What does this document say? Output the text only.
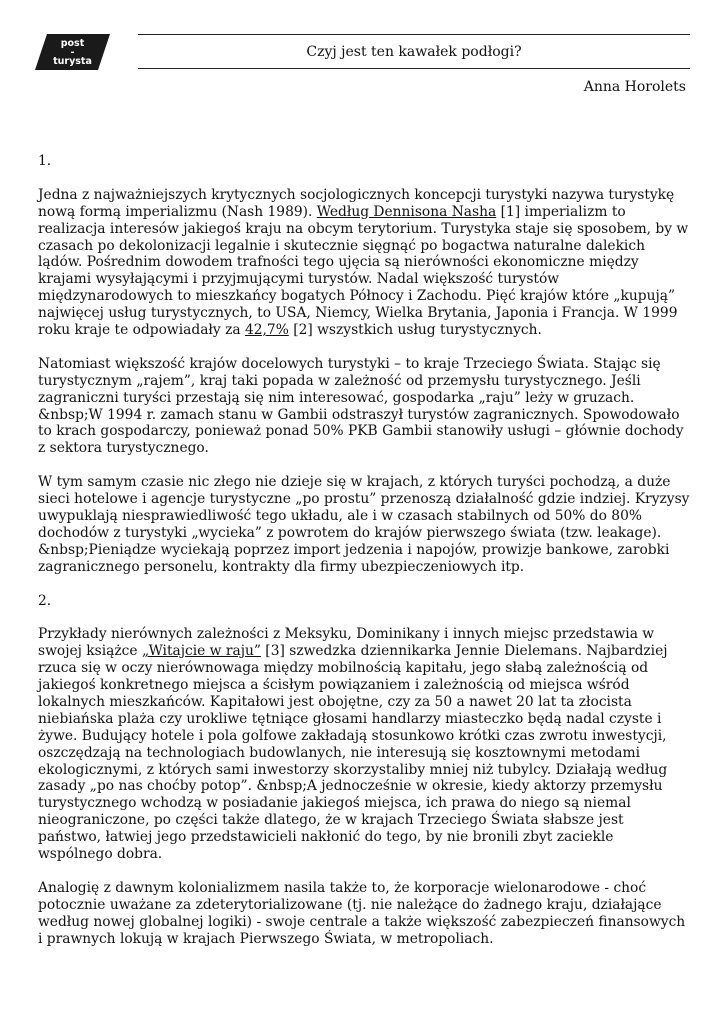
post
-
turysta
Czyj jest ten kawałek podłogi?
Anna Horolets

1.

Jedna z najważniejszych krytycznych socjologicznych koncepcji turystyki nazywa turystykę nową formą imperializmu (Nash 1989). Według Dennisona Nasha [1] imperializm to realizacja interesów jakiegoś kraju na obcym terytorium. Turystyka staje się sposobem, by w czasach po dekolonizacji legalnie i skutecznie sięgnąć po bogactwa naturalne dalekich lądów. Pośrednim dowodem trafności tego ujęcia są nierówności ekonomiczne między krajami wysyłającymi i przyjmującymi turystów. Nadal większość turystów międzynarodowych to mieszkańcy bogatych Północy i Zachodu. Pięć krajów które „kupują” najwięcej usług turystycznych, to USA, Niemcy, Wielka Brytania, Japonia i Francja. W 1999 roku kraje te odpowiadały za 42,7% [2] wszystkich usług turystycznych.

Natomiast większość krajów docelowych turystyki – to kraje Trzeciego Świata. Stając się turystycznym „rajem”, kraj taki popada w zależność od przemysłu turystycznego. Jeśli zagraniczni turyści przestają się nim interesować, gospodarka „raju” leży w gruzach. &nbsp;W 1994 r. zamach stanu w Gambii odstraszył turystów zagranicznych. Spowodowało to krach gospodarczy, ponieważ ponad 50% PKB Gambii stanowiły usługi – głównie dochody z sektora turystycznego.

W tym samym czasie nic złego nie dzieje się w krajach, z których turyści pochodzą, a duże sieci hotelowe i agencje turystyczne „po prostu” przenoszą działalność gdzie indziej. Kryzysy uwypuklają niesprawiedliwość tego układu, ale i w czasach stabilnych od 50% do 80% dochodów z turystyki „wycieka” z powrotem do krajów pierwszego świata (tzw. leakage). &nbsp;Pieniądze wyciekają poprzez import jedzenia i napojów, prowizje bankowe, zarobki zagranicznego personelu, kontrakty dla firmy ubezpieczeniowych itp.

2.

Przykłady nierównych zależności z Meksyku, Dominikany i innych miejsc przedstawia w swojej książce „Witajcie w raju” [3] szwedzka dziennikarka Jennie Dielemans. Najbardziej rzuca się w oczy nierównowaga między mobilnością kapitału, jego słabą zależnością od jakiegoś konkretnego miejsca a ścisłym powiązaniem i zależnością od miejsca wśród lokalnych mieszkańców. Kapitałowi jest obojętne, czy za 50 a nawet 20 lat ta złocista niebiańska plaża czy urokliwe tętniące głosami handlarzy miasteczko będą nadal czyste i żywe. Budujący hotele i pola golfowe zakładają stosunkowo krótki czas zwrotu inwestycji, oszczędzają na technologiach budowlanych, nie interesują się kosztownymi metodami ekologicznymi, z których sami inwestorzy skorzystaliby mniej niż tubylcy. Działają według zasady „po nas choćby potop”. &nbsp;A jednocześnie w okresie, kiedy aktorzy przemysłu turystycznego wchodzą w posiadanie jakiegoś miejsca, ich prawa do niego są niemal nieograniczone, po części także dlatego, że w krajach Trzeciego Świata słabsze jest państwo, łatwiej jego przedstawicieli nakłonić do tego, by nie bronili zbyt zaciekle wspólnego dobra.

Analogię z dawnym kolonializmem nasila także to, że korporacje wielonarodowe - choć potocznie uważane za zdeterytorializowane (tj. nie należące do żadnego kraju, działające według nowej globalnej logiki) - swoje centrale a także większość zabezpieczeń finansowych i prawnych lokują w krajach Pierwszego Świata, w metropoliach.
